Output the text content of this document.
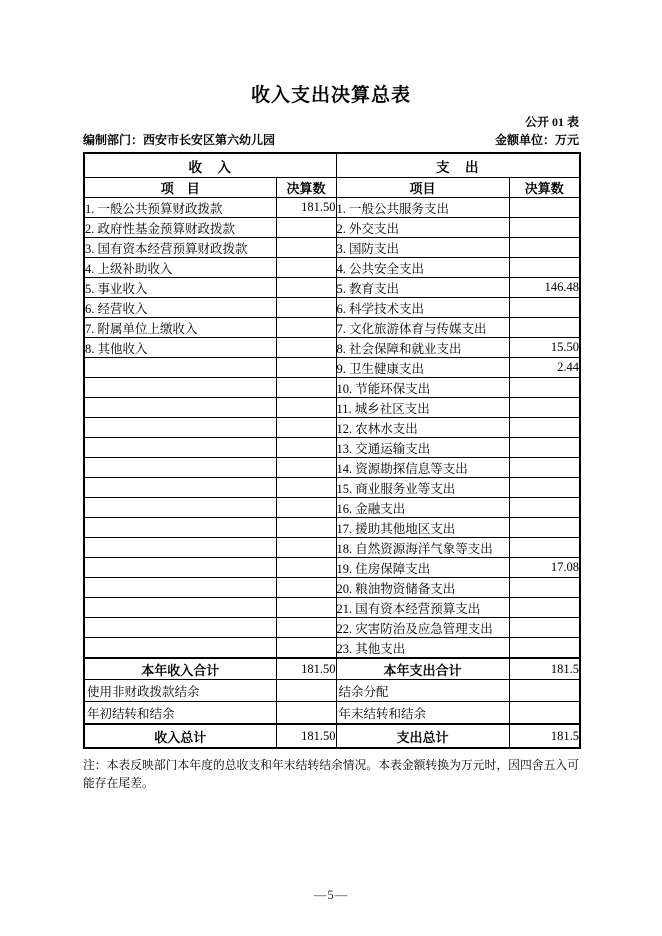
收入支出决算总表
公开 01 表
编制部门：西安市长安区第六幼儿园	金额单位：万元
收　入		支　出	
项　目	决算数	项目	决算数
1. 一般公共预算财政拨款	181.50	1. 一般公共服务支出	
2. 政府性基金预算财政拨款		2. 外交支出	
3. 国有资本经营预算财政拨款		3. 国防支出	
4. 上级补助收入		4. 公共安全支出	
5. 事业收入		5. 教育支出	146.48
6. 经营收入		6. 科学技术支出	
7. 附属单位上缴收入		7. 文化旅游体育与传媒支出	
8. 其他收入		8. 社会保障和就业支出	15.50
		9. 卫生健康支出	2.44
		10. 节能环保支出	
		11. 城乡社区支出	
		12. 农林水支出	
		13. 交通运输支出	
		14. 资源勘探信息等支出	
		15. 商业服务业等支出	
		16. 金融支出	
		17. 援助其他地区支出	
		18. 自然资源海洋气象等支出	
		19. 住房保障支出	17.08
		20. 粮油物资储备支出	
		21. 国有资本经营预算支出	
		22. 灾害防治及应急管理支出	
		23. 其他支出	
本年收入合计	181.50	本年支出合计	181.5
使用非财政拨款结余		结余分配	
年初结转和结余		年末结转和结余	
收入总计	181.50	支出总计	181.5

注：本表反映部门本年度的总收支和年末结转结余情况。本表金额转换为万元时，因四舍五入可能存在尾差。

—5—
